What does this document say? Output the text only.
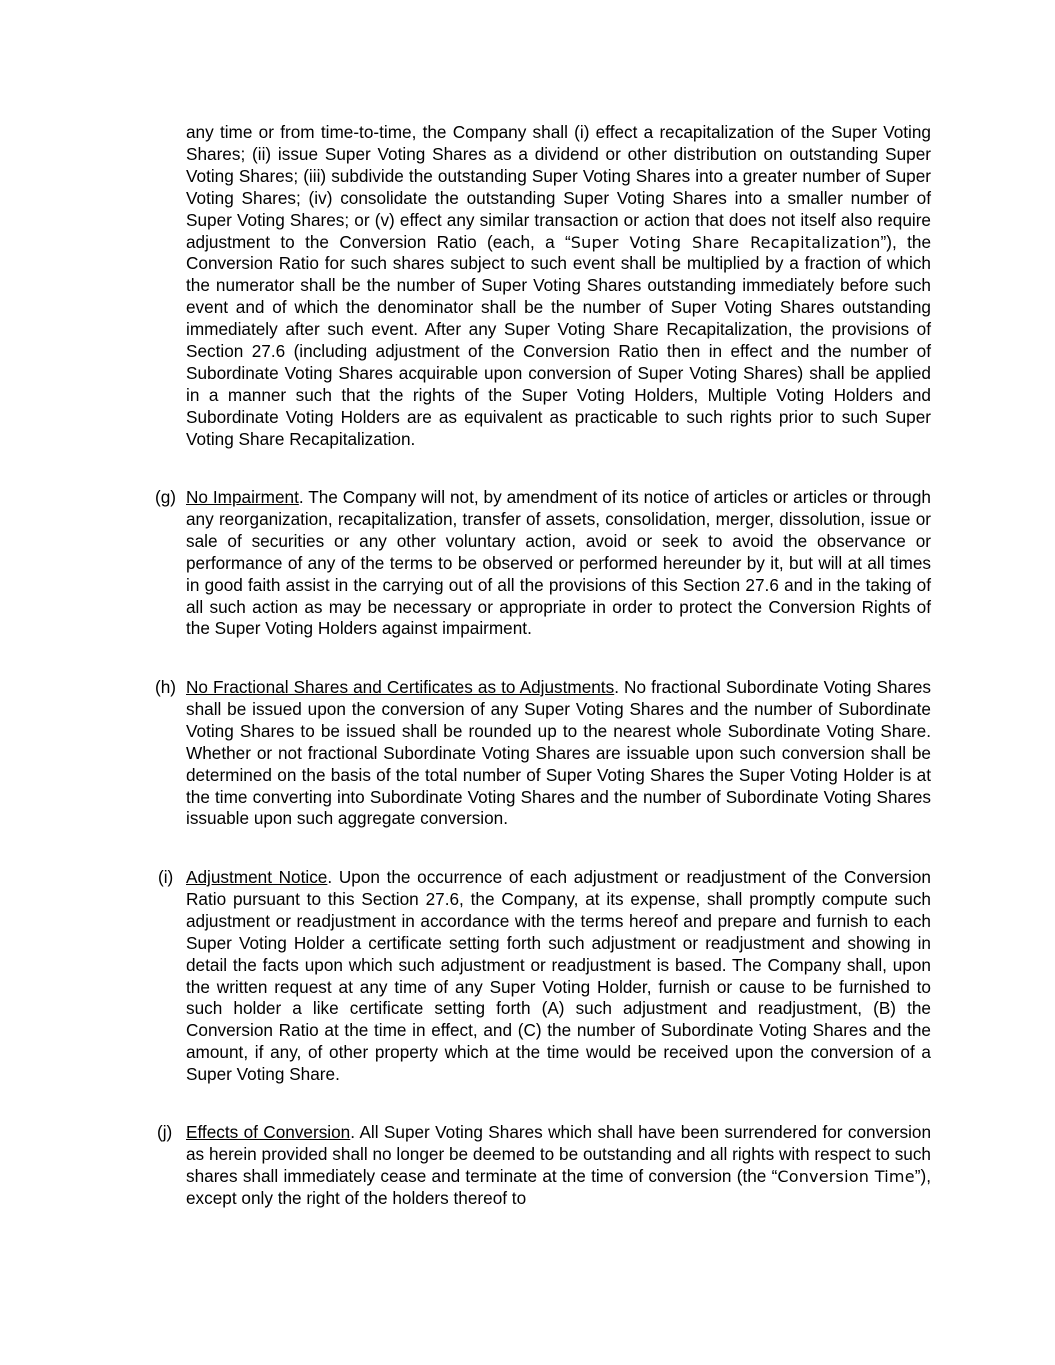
any time or from time-to-time, the Company shall (i) effect a recapitalization of the Super Voting Shares; (ii) issue Super Voting Shares as a dividend or other distribution on outstanding Super Voting Shares; (iii) subdivide the outstanding Super Voting Shares into a greater number of Super Voting Shares; (iv) consolidate the outstanding Super Voting Shares into a smaller number of Super Voting Shares; or (v) effect any similar transaction or action that does not itself also require adjustment to the Conversion Ratio (each, a “Super Voting Share Recapitalization”), the Conversion Ratio for such shares subject to such event shall be multiplied by a fraction of which the numerator shall be the number of Super Voting Shares outstanding immediately before such event and of which the denominator shall be the number of Super Voting Shares outstanding immediately after such event. After any Super Voting Share Recapitalization, the provisions of Section 27.6 (including adjustment of the Conversion Ratio then in effect and the number of Subordinate Voting Shares acquirable upon conversion of Super Voting Shares) shall be applied in a manner such that the rights of the Super Voting Holders, Multiple Voting Holders and Subordinate Voting Holders are as equivalent as practicable to such rights prior to such Super Voting Share Recapitalization.

(g) No Impairment. The Company will not, by amendment of its notice of articles or articles or through any reorganization, recapitalization, transfer of assets, consolidation, merger, dissolution, issue or sale of securities or any other voluntary action, avoid or seek to avoid the observance or performance of any of the terms to be observed or performed hereunder by it, but will at all times in good faith assist in the carrying out of all the provisions of this Section 27.6 and in the taking of all such action as may be necessary or appropriate in order to protect the Conversion Rights of the Super Voting Holders against impairment.

(h) No Fractional Shares and Certificates as to Adjustments. No fractional Subordinate Voting Shares shall be issued upon the conversion of any Super Voting Shares and the number of Subordinate Voting Shares to be issued shall be rounded up to the nearest whole Subordinate Voting Share. Whether or not fractional Subordinate Voting Shares are issuable upon such conversion shall be determined on the basis of the total number of Super Voting Shares the Super Voting Holder is at the time converting into Subordinate Voting Shares and the number of Subordinate Voting Shares issuable upon such aggregate conversion.

(i) Adjustment Notice. Upon the occurrence of each adjustment or readjustment of the Conversion Ratio pursuant to this Section 27.6, the Company, at its expense, shall promptly compute such adjustment or readjustment in accordance with the terms hereof and prepare and furnish to each Super Voting Holder a certificate setting forth such adjustment or readjustment and showing in detail the facts upon which such adjustment or readjustment is based. The Company shall, upon the written request at any time of any Super Voting Holder, furnish or cause to be furnished to such holder a like certificate setting forth (A) such adjustment and readjustment, (B) the Conversion Ratio at the time in effect, and (C) the number of Subordinate Voting Shares and the amount, if any, of other property which at the time would be received upon the conversion of a Super Voting Share.

(j) Effects of Conversion. All Super Voting Shares which shall have been surrendered for conversion as herein provided shall no longer be deemed to be outstanding and all rights with respect to such shares shall immediately cease and terminate at the time of conversion (the “Conversion Time”), except only the right of the holders thereof to
